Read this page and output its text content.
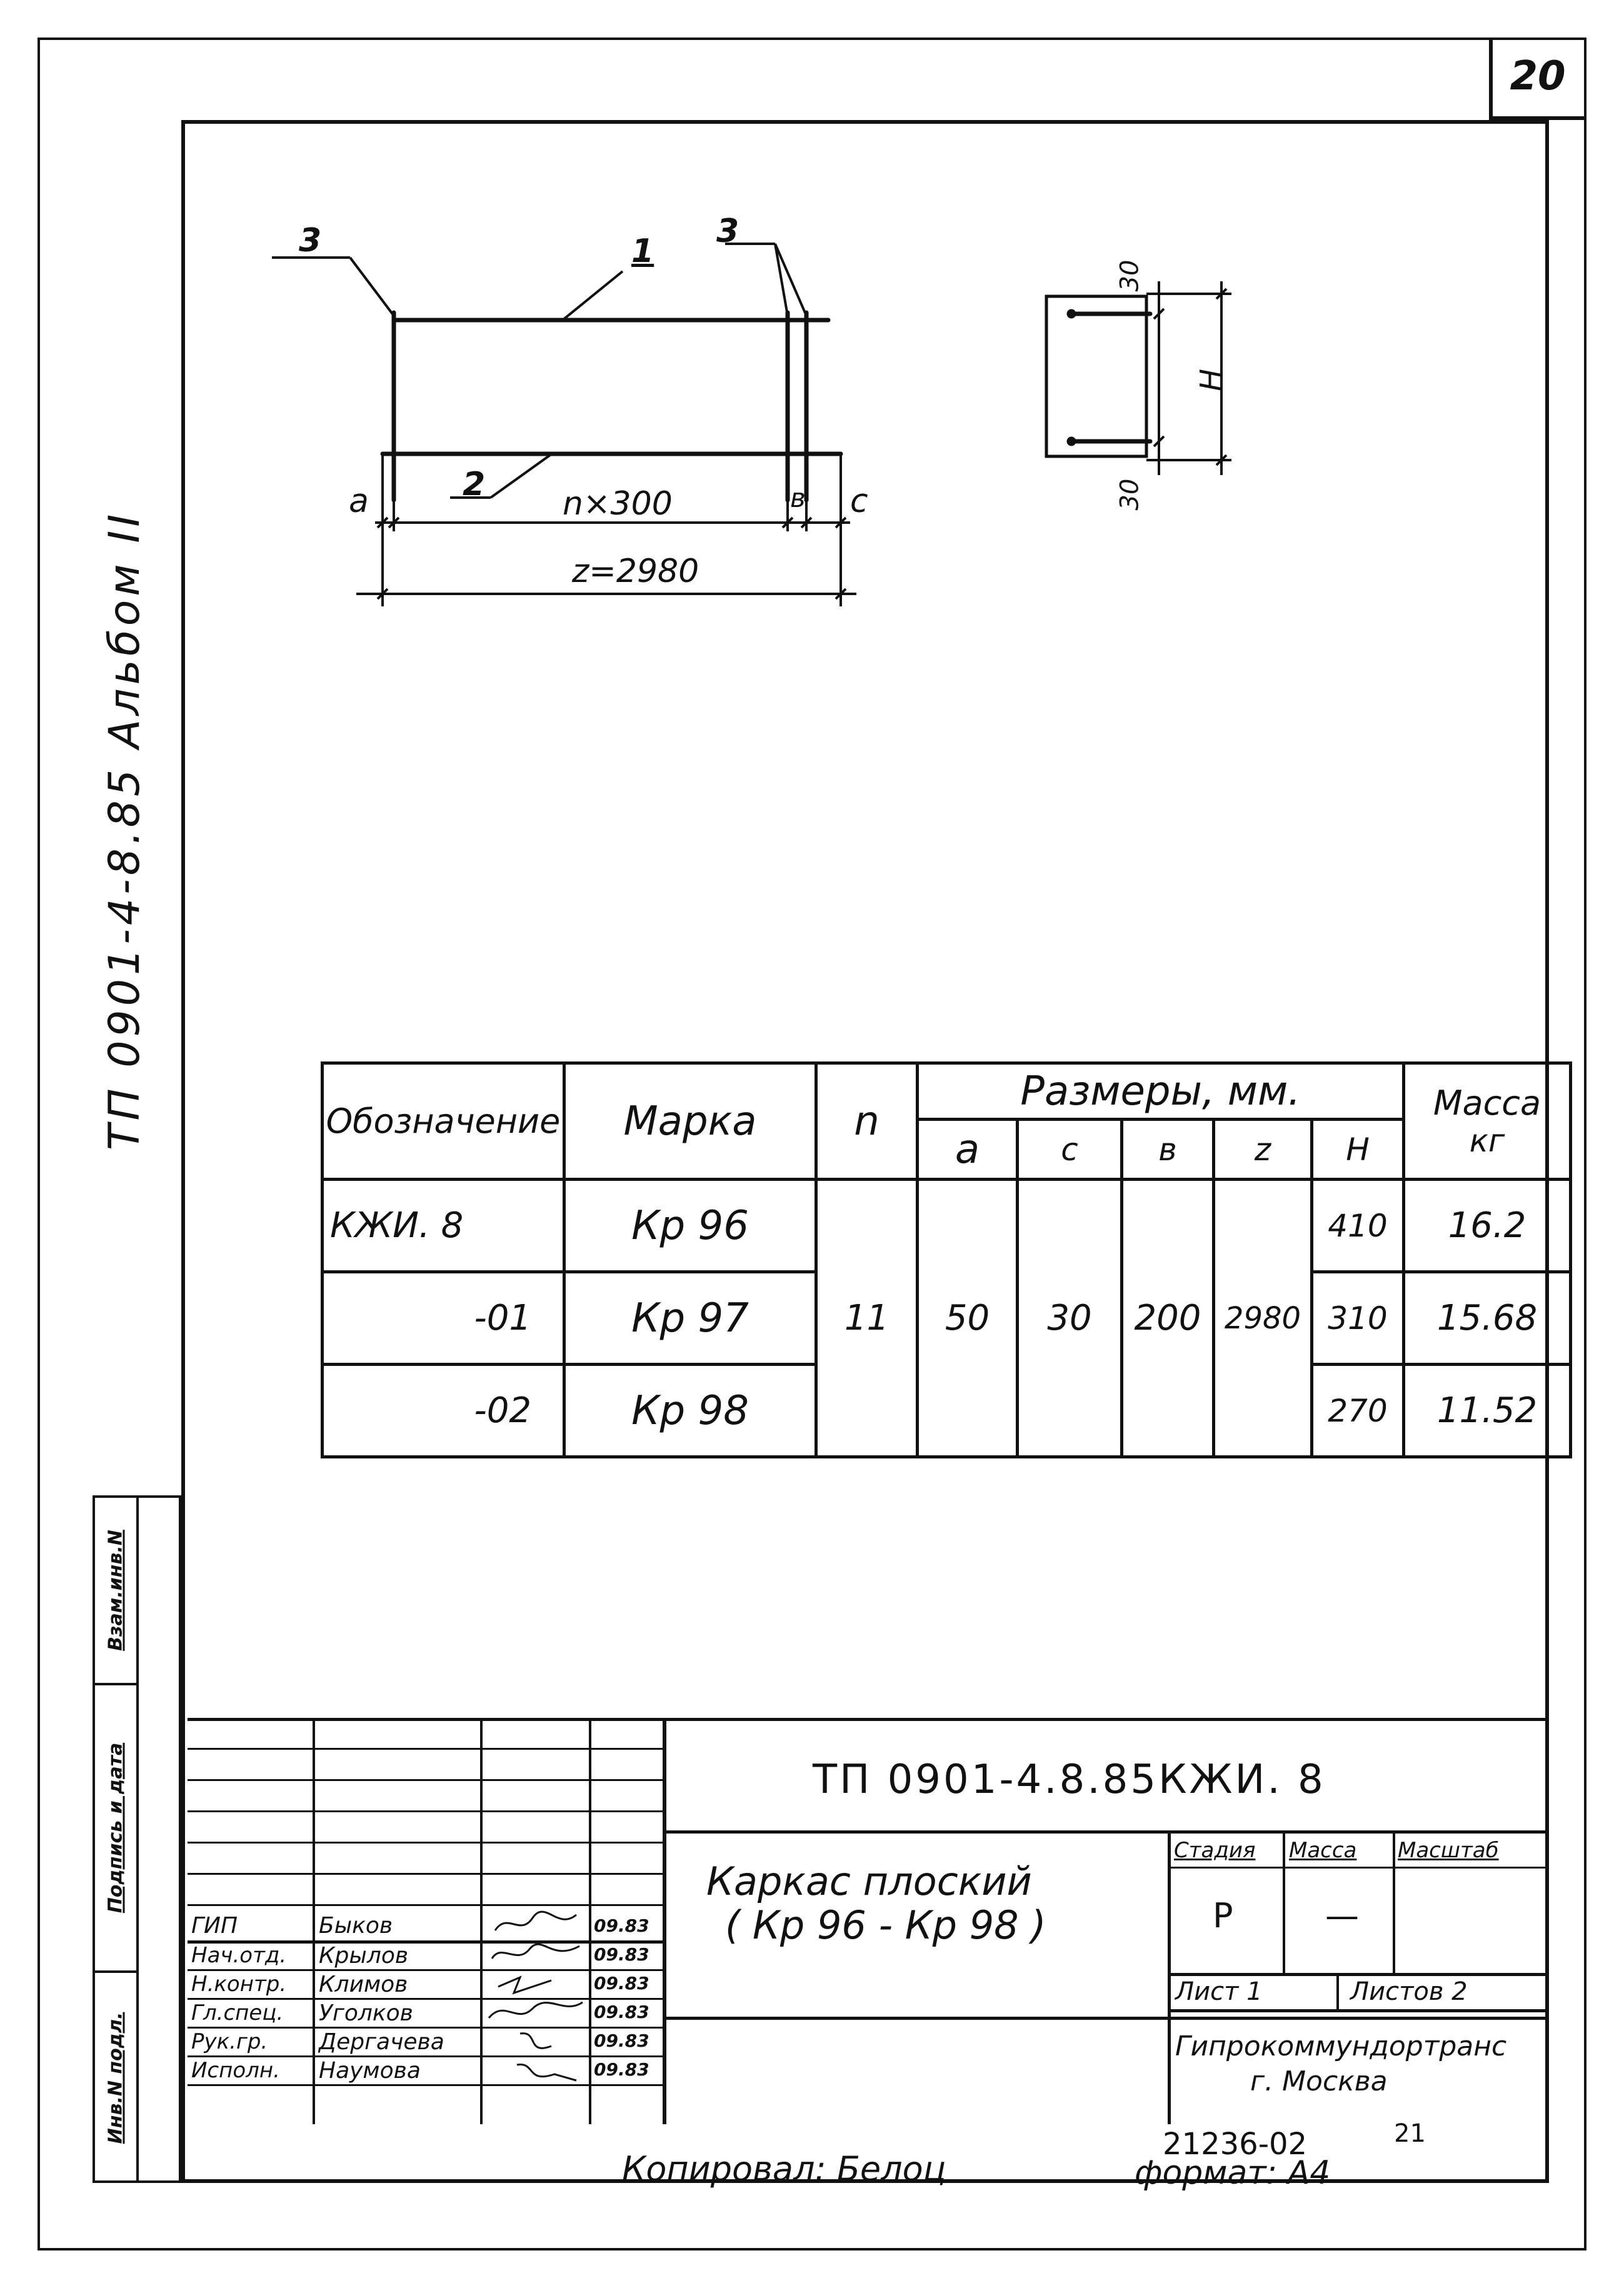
20
ТП 0901-4-8.85 Альбом II
Взам.инв.N
Подпись и дата
Инв.N подл.
3	1
3
2
a	n×300	в c
z=2980
30
H
30
Обозначение	Марка	n	Размеры, мм.					Масса
кг

			a	c	в	z	H	
КЖИ. 8	Кр 96	11	50	30	200	2980	410	16.2
-01	Кр 97						310	15.68
-02	Кр 98						270	11.52
ТП 0901-4.8.85КЖИ. 8
Каркас плоский
( Кр 96 - Кр 98 )
Стадия Масса Масштаб
Р	—
Лист 1	Листов 2
Гипрокоммундортранс
г. Москва
ГИП	Быков	09.83
Нач.отд. Крылов	09.83
Н.контр. Климов	09.83
Гл.спец. Уголков	09.83
Рук.гр. Дергачева	09.83
Исполн. Наумова	09.83
Копировал: Белоц
21236-02	21
формат: А4
